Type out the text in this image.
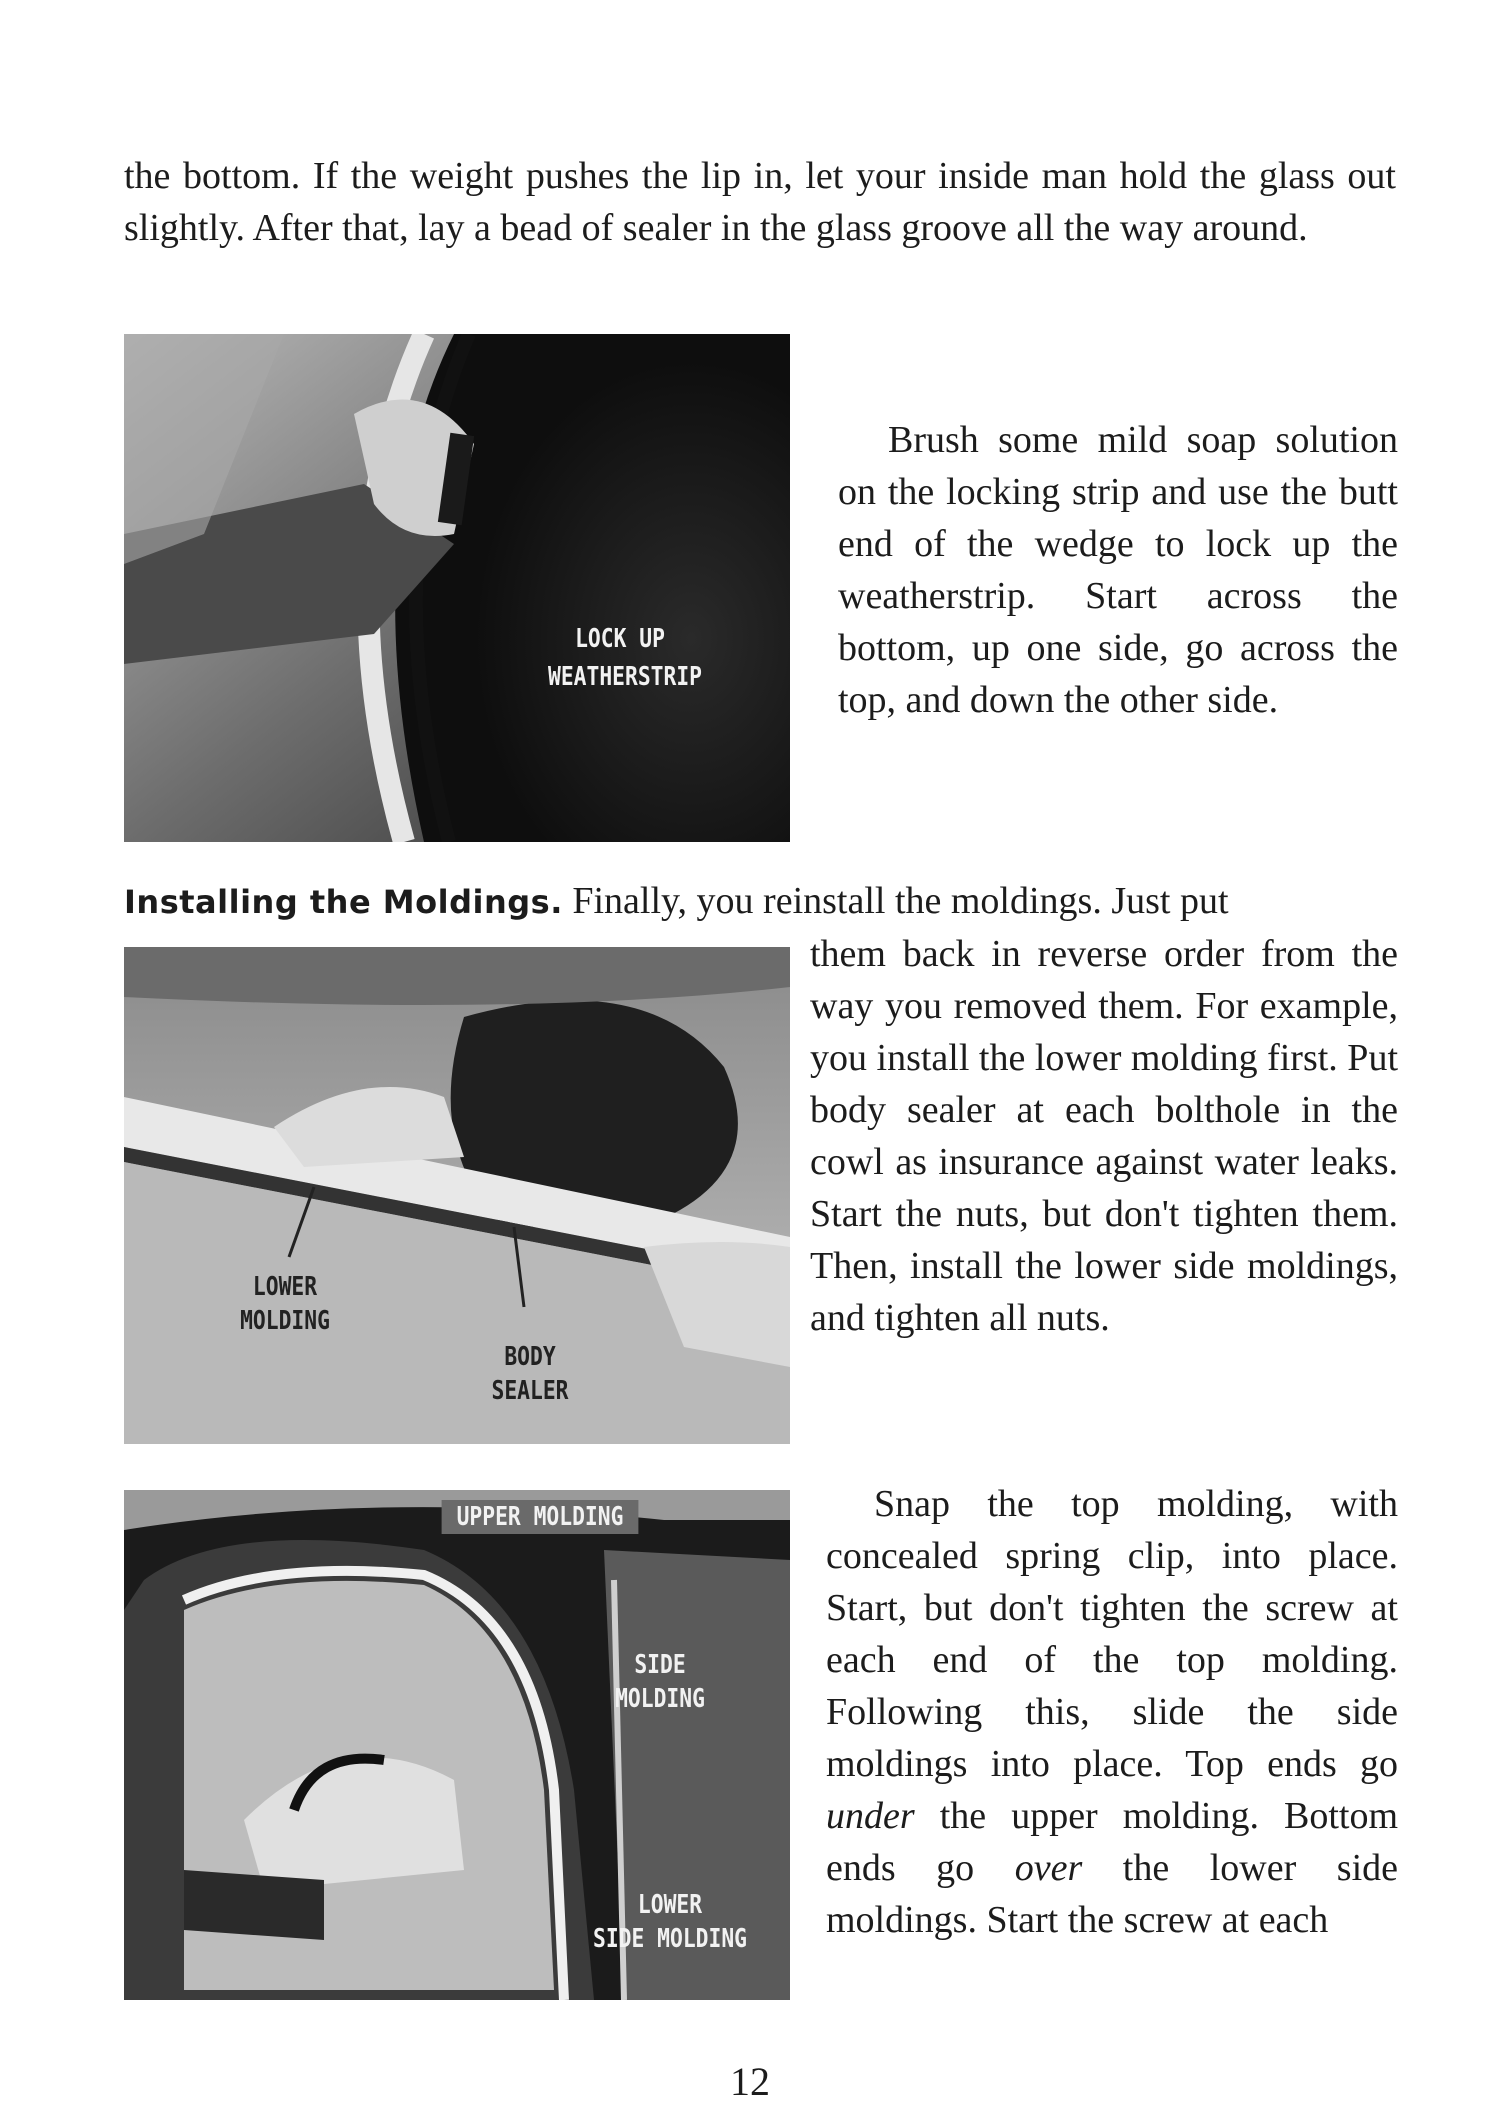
the bottom. If the weight pushes the lip in, let your inside man hold the glass out slightly. After that, lay a bead of sealer in the glass groove all the way around.

LOCK UP
WEATHERSTRIP

Brush some mild soap solution on the locking strip and use the butt end of the wedge to lock up the weatherstrip. Start across the bottom, up one side, go across the top, and down the other side.

Installing the Moldings. Finally, you reinstall the moldings. Just put

them back in reverse order from the way you removed them. For example, you install the lower molding first. Put body sealer at each bolthole in the cowl as insurance against water leaks. Start the nuts, but don't tighten them. Then, install the lower side moldings, and tighten all nuts.

LOWER
MOLDING
BODY
SEALER
UPPER MOLDING
SIDE
MOLDING
LOWER
SIDE MOLDING

Snap the top molding, with concealed spring clip, into place. Start, but don't tighten the screw at each end of the top molding. Following this, slide the side moldings into place. Top ends go under the upper molding. Bottom ends go over the lower side moldings. Start the screw at each

12
